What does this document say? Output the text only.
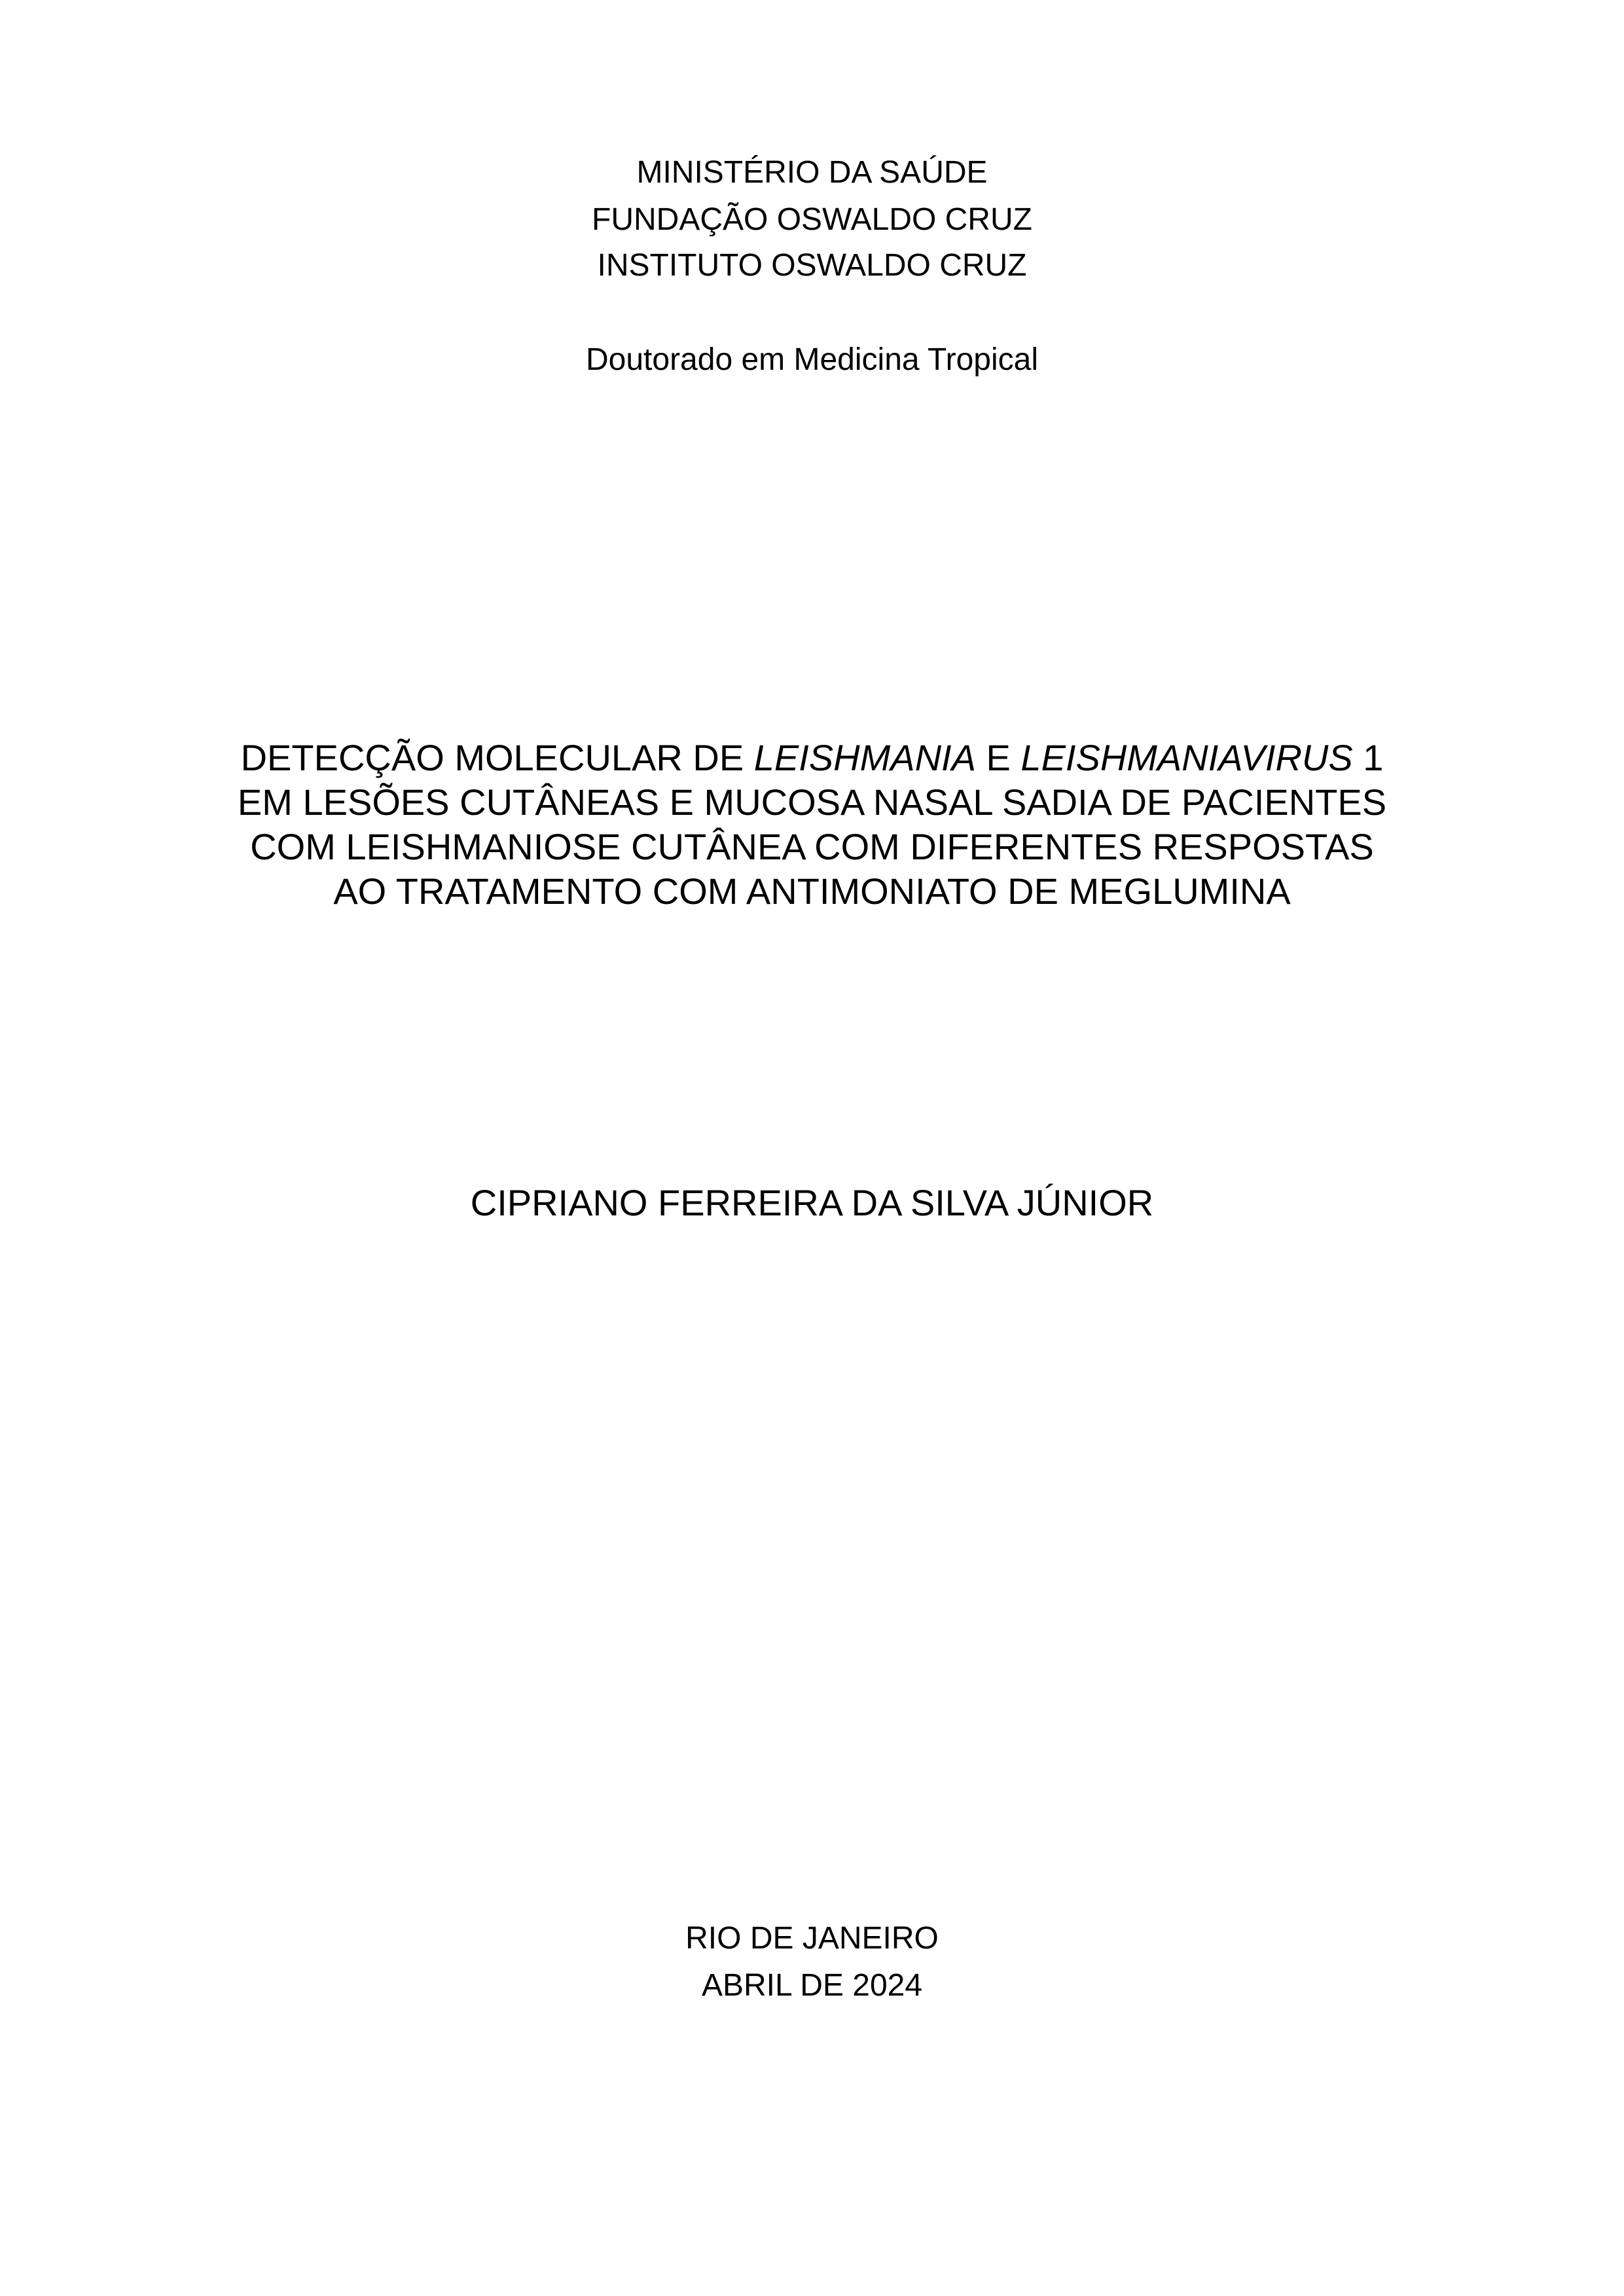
MINISTÉRIO DA SAÚDE

FUNDAÇÃO OSWALDO CRUZ

INSTITUTO OSWALDO CRUZ

Doutorado em Medicina Tropical

DETECÇÃO MOLECULAR DE LEISHMANIA E LEISHMANIAVIRUS 1

EM LESÕES CUTÂNEAS E MUCOSA NASAL SADIA DE PACIENTES

COM LEISHMANIOSE CUTÂNEA COM DIFERENTES RESPOSTAS

AO TRATAMENTO COM ANTIMONIATO DE MEGLUMINA

CIPRIANO FERREIRA DA SILVA JÚNIOR

RIO DE JANEIRO

ABRIL DE 2024
